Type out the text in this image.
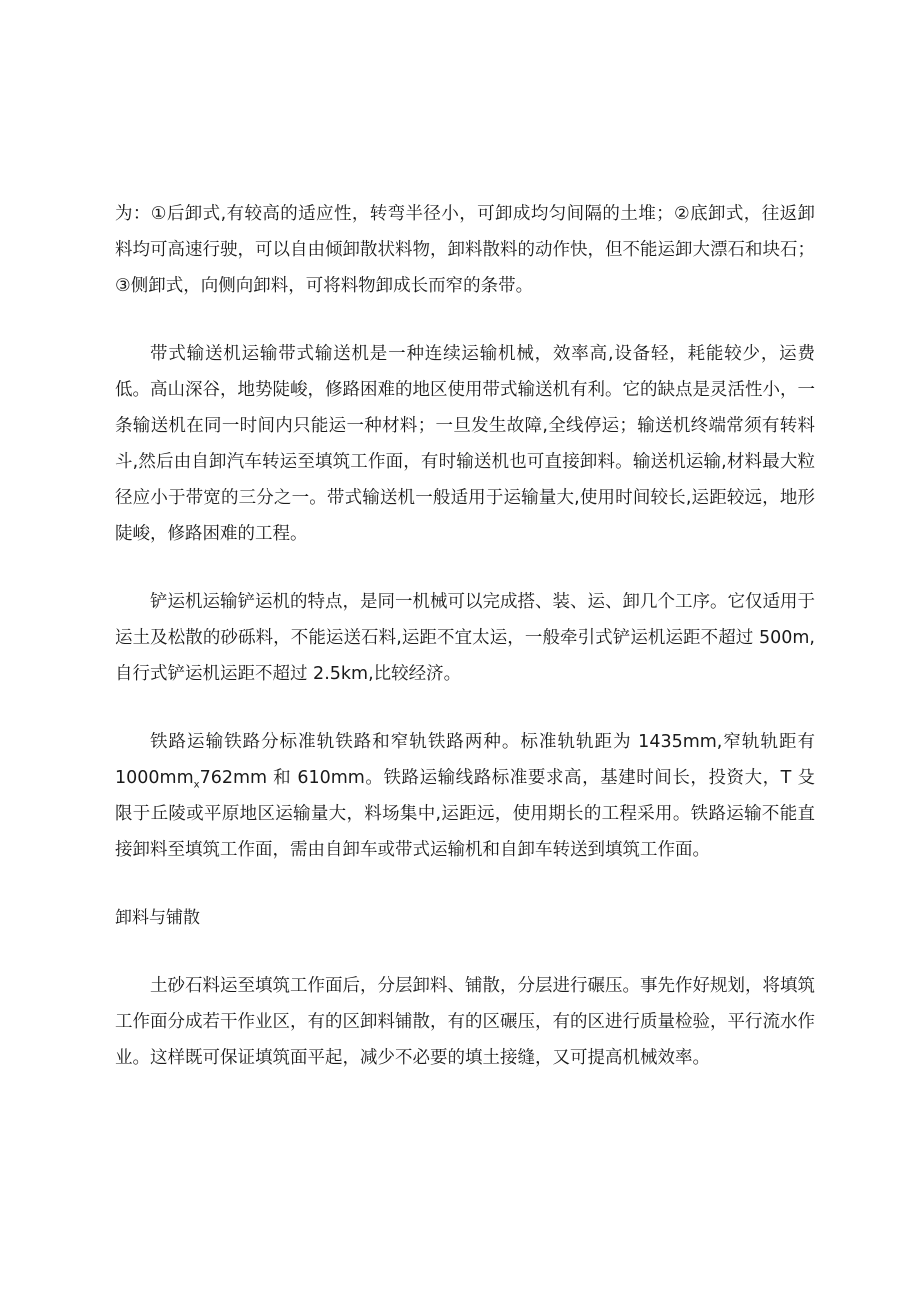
为：①后卸式,有较高的适应性，转弯半径小，可卸成均匀间隔的土堆；②底卸式，往返卸料均可高速行驶，可以自由倾卸散状料物，卸料散料的动作快，但不能运卸大漂石和块石；③侧卸式，向侧向卸料，可将料物卸成长而窄的条带。

带式输送机运输带式输送机是一种连续运输机械，效率高,设备轻，耗能较少，运费低。高山深谷，地势陡峻，修路困难的地区使用带式输送机有利。它的缺点是灵活性小，一条输送机在同一时间内只能运一种材料；一旦发生故障,全线停运；输送机终端常须有转料斗,然后由自卸汽车转运至填筑工作面，有时输送机也可直接卸料。输送机运输,材料最大粒径应小于带宽的三分之一。带式输送机一般适用于运输量大,使用时间较长,运距较远，地形陡峻，修路困难的工程。

铲运机运输铲运机的特点，是同一机械可以完成搭、装、运、卸几个工序。它仅适用于运土及松散的砂砾料，不能运送石料,运距不宜太运，一般牵引式铲运机运距不超过 500m,自行式铲运机运距不超过 2.5km,比较经济。

铁路运输铁路分标准轨铁路和窄轨铁路两种。标准轨轨距为 1435mm,窄轨轨距有 $1000mm_x762mm$ 和 610mm。铁路运输线路标准要求高，基建时间长，投资大，T 殳限于丘陵或平原地区运输量大，料场集中,运距远，使用期长的工程采用。铁路运输不能直接卸料至填筑工作面，需由自卸车或带式运输机和自卸车转送到填筑工作面。

卸料与铺散

土砂石料运至填筑工作面后，分层卸料、铺散，分层进行碾压。事先作好规划，将填筑工作面分成若干作业区，有的区卸料铺散，有的区碾压，有的区进行质量检验，平行流水作业。这样既可保证填筑面平起，减少不必要的填土接缝，又可提高机械效率。
